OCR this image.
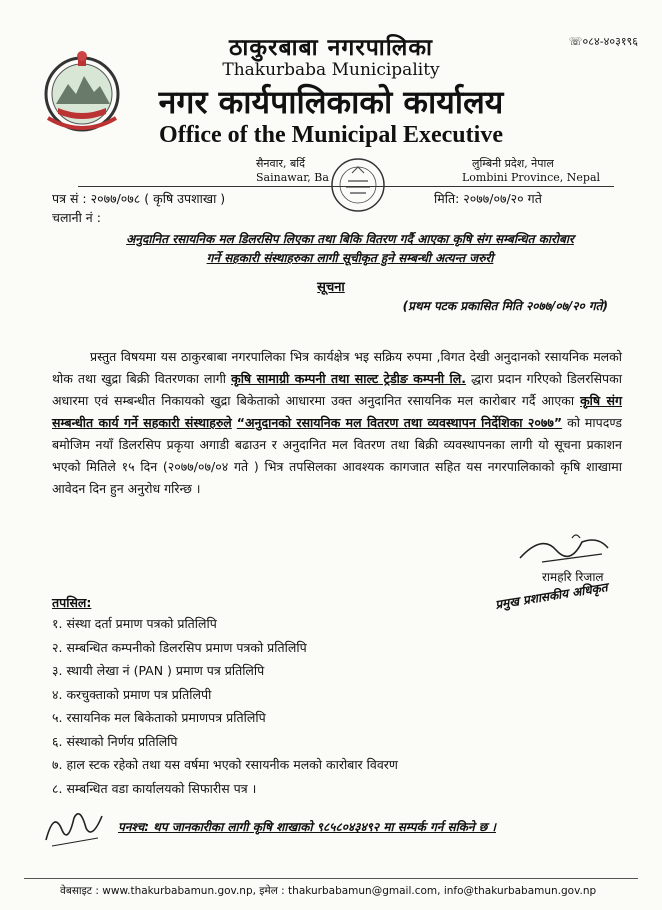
ठाकुरबाबा नगरपालिका
Thakurbaba Municipality
नगर कार्यपालिकाको कार्यालय
Office of the Municipal Executive
☏०८४-४०३१९६
सैनवार, बर्दि
Sainawar, Ba
लुम्बिनी प्रदेश, नेपाल
Lombini Province, Nepal
पत्र सं : २०७७/०७८ ( कृषि उपशाखा )	मिति: २०७७/०७/२० गते
चलानी नं :
अनुदानित रसायनिक मल डिलरसिप लिएका तथा बिकि वितरण गर्दै आएका कृषि संग सम्बन्धित कारोबार
गर्ने सहकारी संस्थाहरुका लागी सूचीकृत हुने सम्बन्धी अत्यन्त जरुरी
सूचना
(प्रथम पटक प्रकासित मिति २०७७/०७/२० गते)
प्रस्तुत विषयमा यस ठाकुरबाबा नगरपालिका भित्र कार्यक्षेत्र भइ सक्रिय रुपमा ,विगत देखी अनुदानको रसायनिक मलको थोक तथा खुद्रा बिक्री वितरणका लागी कृषि सामाग्री कम्पनी तथा साल्ट ट्रेडीङ कम्पनी लि. द्धारा प्रदान गरिएको डिलरसिपका अधारमा एवं सम्बन्धीत निकायको खुद्रा बिकेताको आधारमा उक्त अनुदानित रसायनिक मल कारोबार गर्दै आएका कृषि संग सम्बन्धीत कार्य गर्ने सहकारी संस्थाहरुले “अनुदानको रसायनिक मल वितरण तथा व्यवस्थापन निर्देशिका २०७७” को मापदण्ड बमोजिम नयाँ डिलरसिप प्रकृया अगाडी बढाउन र अनुदानित मल वितरण तथा बिक्री व्यवस्थापनका लागी यो सूचना प्रकाशन भएको मितिले १५ दिन (२०७७/०७/०४ गते ) भित्र तपसिलका आवश्यक कागजात सहित यस नगरपालिकाको कृषि शाखामा आवेदन दिन हुन अनुरोध गरिन्छ ।
रामहरि रिजाल
प्रमुख प्रशासकीय अधिकृत
तपसिल:
१. संस्था दर्ता प्रमाण पत्रको प्रतिलिपि
२. सम्बन्धित कम्पनीको डिलरसिप प्रमाण पत्रको प्रतिलिपि
३. स्थायी लेखा नं (PAN ) प्रमाण पत्र प्रतिलिपि
४. करचुक्ताको प्रमाण पत्र प्रतिलिपी
५. रसायनिक मल बिकेताको प्रमाणपत्र प्रतिलिपि
६. संस्थाको निर्णय प्रतिलिपि
७. हाल स्टक रहेको तथा यस वर्षमा भएको रसायनीक मलको कारोबार विवरण
८. सम्बन्धित वडा कार्यालयको सिफारीस पत्र ।
पनश्च: थप जानकारीका लागी कृषि शाखाको ९८५८०४३४९२ मा सम्पर्क गर्न सकिने छ ।
वेबसाइट : www.thakurbabamun.gov.np, इमेल : thakurbabamun@gmail.com, info@thakurbabamun.gov.np
